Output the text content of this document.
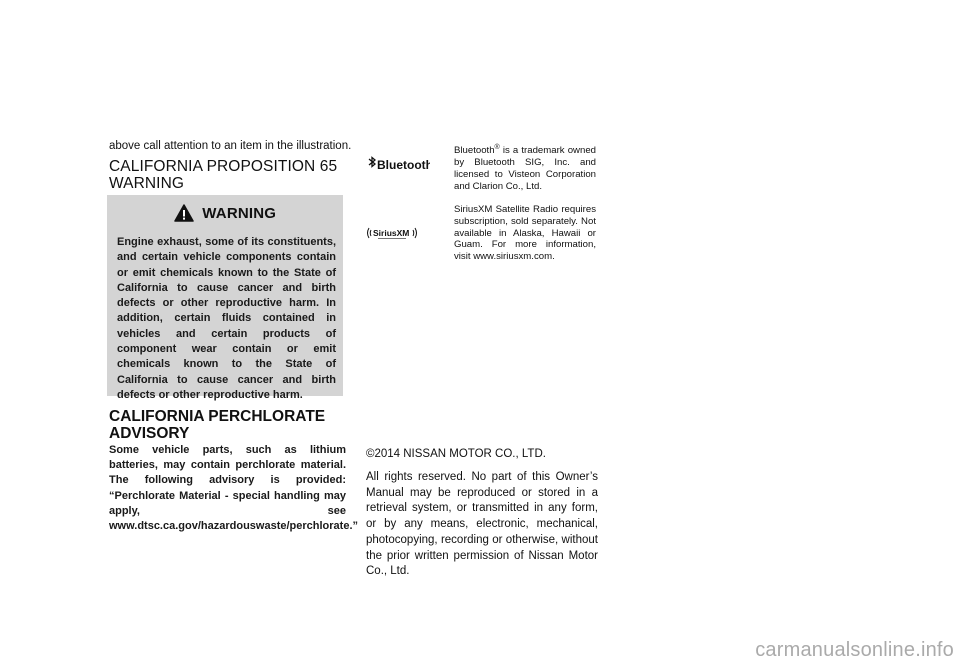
above call attention to an item in the illustration.
CALIFORNIA PROPOSITION 65 WARNING
WARNING
Engine exhaust, some of its constituents, and certain vehicle components contain or emit chemicals known to the State of California to cause cancer and birth defects or other reproductive harm. In addition, certain fluids contained in vehicles and certain products of component wear contain or emit chemicals known to the State of California to cause cancer and birth defects or other reproductive harm.
CALIFORNIA PERCHLORATE ADVISORY
Some vehicle parts, such as lithium batteries, may contain perchlorate material. The following advisory is provided: “Perchlorate Material - special handling may apply, see www.dtsc.ca.gov/hazardouswaste/perchlorate.”
Bluetooth
Bluetooth® is a trademark owned by Bluetooth SIG, Inc. and licensed to Visteon Corporation and Clarion Co., Ltd.
SiriusXM
SiriusXM Satellite Radio requires subscription, sold separately. Not available in Alaska, Hawaii or Guam. For more information, visit www.siriusxm.com.
©2014 NISSAN MOTOR CO., LTD.
All rights reserved. No part of this Owner’s Manual may be reproduced or stored in a retrieval system, or transmitted in any form, or by any means, electronic, mechanical, photocopying, recording or otherwise, without the prior written permission of Nissan Motor Co., Ltd.
carmanualsonline.info
